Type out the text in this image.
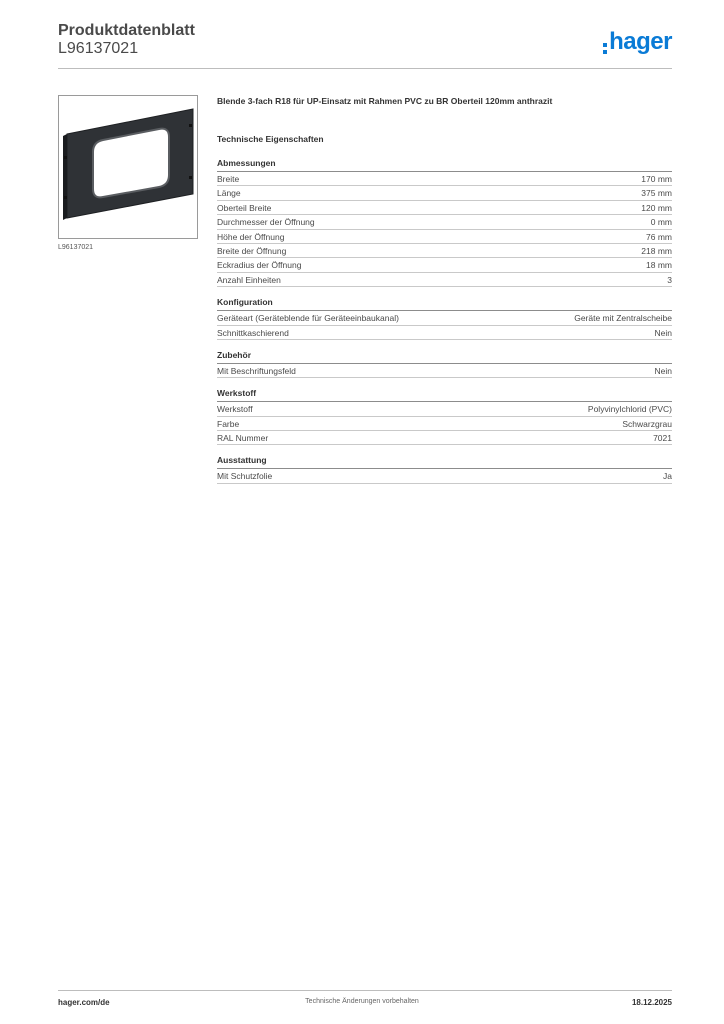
Produktdatenblatt
L96137021	hager
L96137021
Blende 3-fach R18 für UP-Einsatz mit Rahmen PVC zu BR Oberteil 120mm anthrazit
Technische Eigenschaften
Abmessungen
Breite	170 mm
Länge	375 mm
Oberteil Breite	120 mm
Durchmesser der Öffnung	0 mm
Höhe der Öffnung	76 mm
Breite der Öffnung	218 mm
Eckradius der Öffnung	18 mm
Anzahl Einheiten	3
Konfiguration
Geräteart (Geräteblende für Geräteeinbaukanal)	Geräte mit Zentralscheibe
Schnittkaschierend	Nein
Zubehör
Mit Beschriftungsfeld	Nein
Werkstoff
Werkstoff	Polyvinylchlorid (PVC)
Farbe	Schwarzgrau
RAL Nummer	7021
Ausstattung
Mit Schutzfolie	Ja
Technische Änderungen vorbehalten
hager.com/de	18.12.2025
